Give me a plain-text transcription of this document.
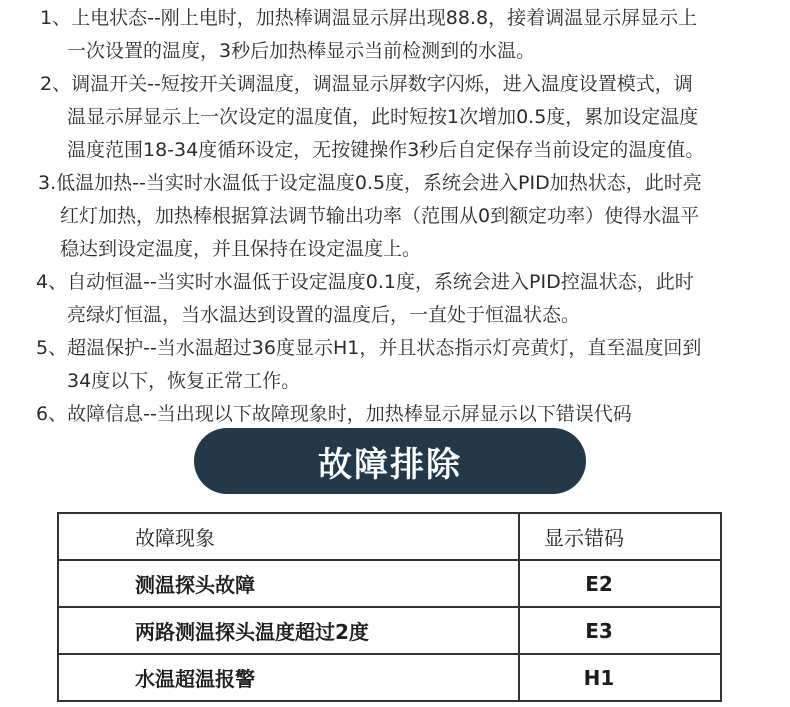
1、上电状态--刚上电时，加热棒调温显示屏出现88.8，接着调温显示屏显示上
一次设置的温度，3秒后加热棒显示当前检测到的水温。
2、调温开关--短按开关调温度，调温显示屏数字闪烁，进入温度设置模式，调
温显示屏显示上一次设定的温度值，此时短按1次增加0.5度，累加设定温度
温度范围18-34度循环设定，无按键操作3秒后自定保存当前设定的温度值。
3.低温加热--当实时水温低于设定温度0.5度，系统会进入PID加热状态，此时亮
红灯加热，加热棒根据算法调节输出功率（范围从0到额定功率）使得水温平
稳达到设定温度，并且保持在设定温度上。
4、自动恒温--当实时水温低于设定温度0.1度，系统会进入PID控温状态，此时
亮绿灯恒温，当水温达到设置的温度后，一直处于恒温状态。
5、超温保护--当水温超过36度显示H1，并且状态指示灯亮黄灯，直至温度回到
34度以下，恢复正常工作。
6、故障信息--当出现以下故障现象时，加热棒显示屏显示以下错误代码
故障排除
故障现象	显示错码
测温探头故障	E2
两路测温探头温度超过2度	E3
水温超温报警	H1
